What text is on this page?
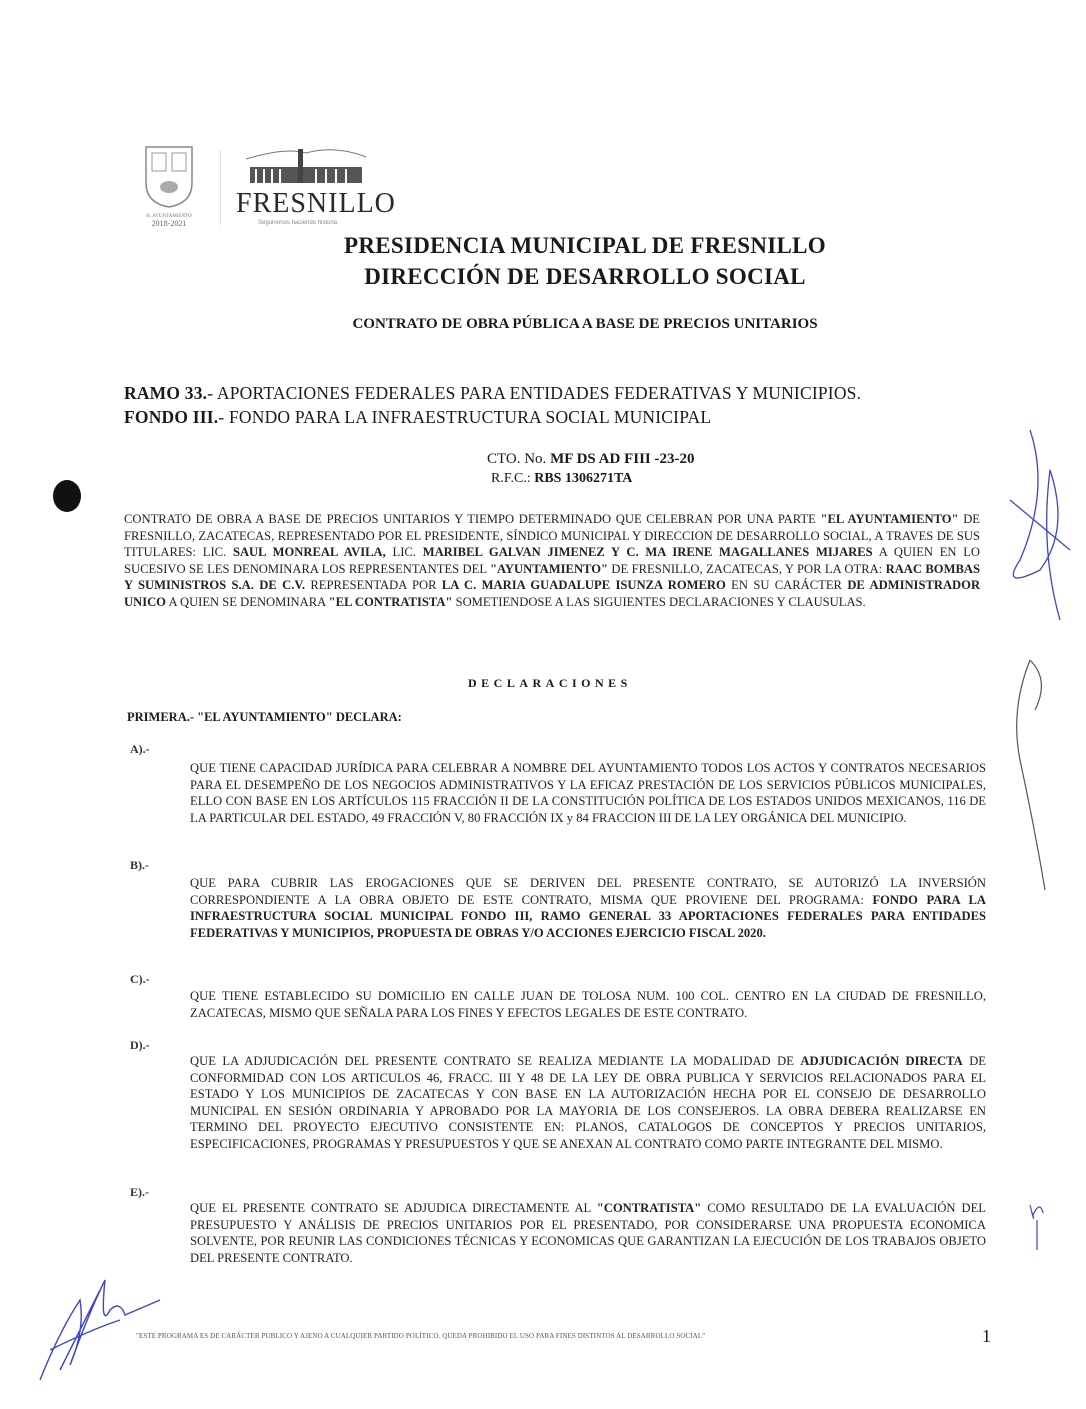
H. AYUNTAMIENTO
2018-2021
FRESNILLO
Seguiremos haciendo historia
PRESIDENCIA MUNICIPAL DE FRESNILLO
DIRECCIÓN DE DESARROLLO SOCIAL
CONTRATO DE OBRA PÚBLICA A BASE DE PRECIOS UNITARIOS
RAMO 33.- APORTACIONES FEDERALES PARA ENTIDADES FEDERATIVAS Y MUNICIPIOS.
FONDO III.- FONDO PARA LA INFRAESTRUCTURA SOCIAL MUNICIPAL
CTO. No. MF DS AD FIII -23-20
R.F.C.: RBS 1306271TA
CONTRATO DE OBRA A BASE DE PRECIOS UNITARIOS Y TIEMPO DETERMINADO QUE CELEBRAN POR UNA PARTE "EL AYUNTAMIENTO" DE FRESNILLO, ZACATECAS, REPRESENTADO POR EL PRESIDENTE, SÍNDICO MUNICIPAL Y DIRECCION DE DESARROLLO SOCIAL, A TRAVES DE SUS TITULARES: LIC. SAUL MONREAL AVILA, LIC. MARIBEL GALVAN JIMENEZ Y C. MA IRENE MAGALLANES MIJARES A QUIEN EN LO SUCESIVO SE LES DENOMINARA LOS REPRESENTANTES DEL "AYUNTAMIENTO" DE FRESNILLO, ZACATECAS, Y POR LA OTRA: RAAC BOMBAS Y SUMINISTROS S.A. DE C.V. REPRESENTADA POR LA C. MARIA GUADALUPE ISUNZA ROMERO EN SU CARÁCTER DE ADMINISTRADOR UNICO A QUIEN SE DENOMINARA "EL CONTRATISTA" SOMETIENDOSE A LAS SIGUIENTES DECLARACIONES Y CLAUSULAS.
DECLARACIONES
PRIMERA.- "EL AYUNTAMIENTO" DECLARA:
A).-
QUE TIENE CAPACIDAD JURÍDICA PARA CELEBRAR A NOMBRE DEL AYUNTAMIENTO TODOS LOS ACTOS Y CONTRATOS NECESARIOS PARA EL DESEMPEÑO DE LOS NEGOCIOS ADMINISTRATIVOS Y LA EFICAZ PRESTACIÓN DE LOS SERVICIOS PÚBLICOS MUNICIPALES, ELLO CON BASE EN LOS ARTÍCULOS 115 FRACCIÓN II DE LA CONSTITUCIÓN POLÍTICA DE LOS ESTADOS UNIDOS MEXICANOS, 116 DE LA PARTICULAR DEL ESTADO, 49 FRACCIÓN V, 80 FRACCIÓN IX y 84 FRACCION III DE LA LEY ORGÁNICA DEL MUNICIPIO.
B).-
QUE PARA CUBRIR LAS EROGACIONES QUE SE DERIVEN DEL PRESENTE CONTRATO, SE AUTORIZÓ LA INVERSIÓN CORRESPONDIENTE A LA OBRA OBJETO DE ESTE CONTRATO, MISMA QUE PROVIENE DEL PROGRAMA: FONDO PARA LA INFRAESTRUCTURA SOCIAL MUNICIPAL FONDO III, RAMO GENERAL 33 APORTACIONES FEDERALES PARA ENTIDADES FEDERATIVAS Y MUNICIPIOS, PROPUESTA DE OBRAS Y/O ACCIONES EJERCICIO FISCAL 2020.
C).-
QUE TIENE ESTABLECIDO SU DOMICILIO EN CALLE JUAN DE TOLOSA NUM. 100 COL. CENTRO EN LA CIUDAD DE FRESNILLO, ZACATECAS, MISMO QUE SEÑALA PARA LOS FINES Y EFECTOS LEGALES DE ESTE CONTRATO.
D).-
QUE LA ADJUDICACIÓN DEL PRESENTE CONTRATO SE REALIZA MEDIANTE LA MODALIDAD DE ADJUDICACIÓN DIRECTA DE CONFORMIDAD CON LOS ARTICULOS 46, FRACC. III Y 48 DE LA LEY DE OBRA PUBLICA Y SERVICIOS RELACIONADOS PARA EL ESTADO Y LOS MUNICIPIOS DE ZACATECAS Y CON BASE EN LA AUTORIZACIÓN HECHA POR EL CONSEJO DE DESARROLLO MUNICIPAL EN SESIÓN ORDINARIA Y APROBADO POR LA MAYORIA DE LOS CONSEJEROS. LA OBRA DEBERA REALIZARSE EN TERMINO DEL PROYECTO EJECUTIVO CONSISTENTE EN: PLANOS, CATALOGOS DE CONCEPTOS Y PRECIOS UNITARIOS, ESPECIFICACIONES, PROGRAMAS Y PRESUPUESTOS Y QUE SE ANEXAN AL CONTRATO COMO PARTE INTEGRANTE DEL MISMO.
E).-
QUE EL PRESENTE CONTRATO SE ADJUDICA DIRECTAMENTE AL "CONTRATISTA" COMO RESULTADO DE LA EVALUACIÓN DEL PRESUPUESTO Y ANÁLISIS DE PRECIOS UNITARIOS POR EL PRESENTADO, POR CONSIDERARSE UNA PROPUESTA ECONOMICA SOLVENTE, POR REUNIR LAS CONDICIONES TÉCNICAS Y ECONOMICAS QUE GARANTIZAN LA EJECUCIÓN DE LOS TRABAJOS OBJETO DEL PRESENTE CONTRATO.
"ESTE PROGRAMA ES DE CARÁCTER PUBLICO Y AJENO A CUALQUIER PARTIDO POLÍTICO. QUEDA PROHIBIDO EL USO PARA FINES DISTINTOS AL DESARROLLO SOCIAL"	1
